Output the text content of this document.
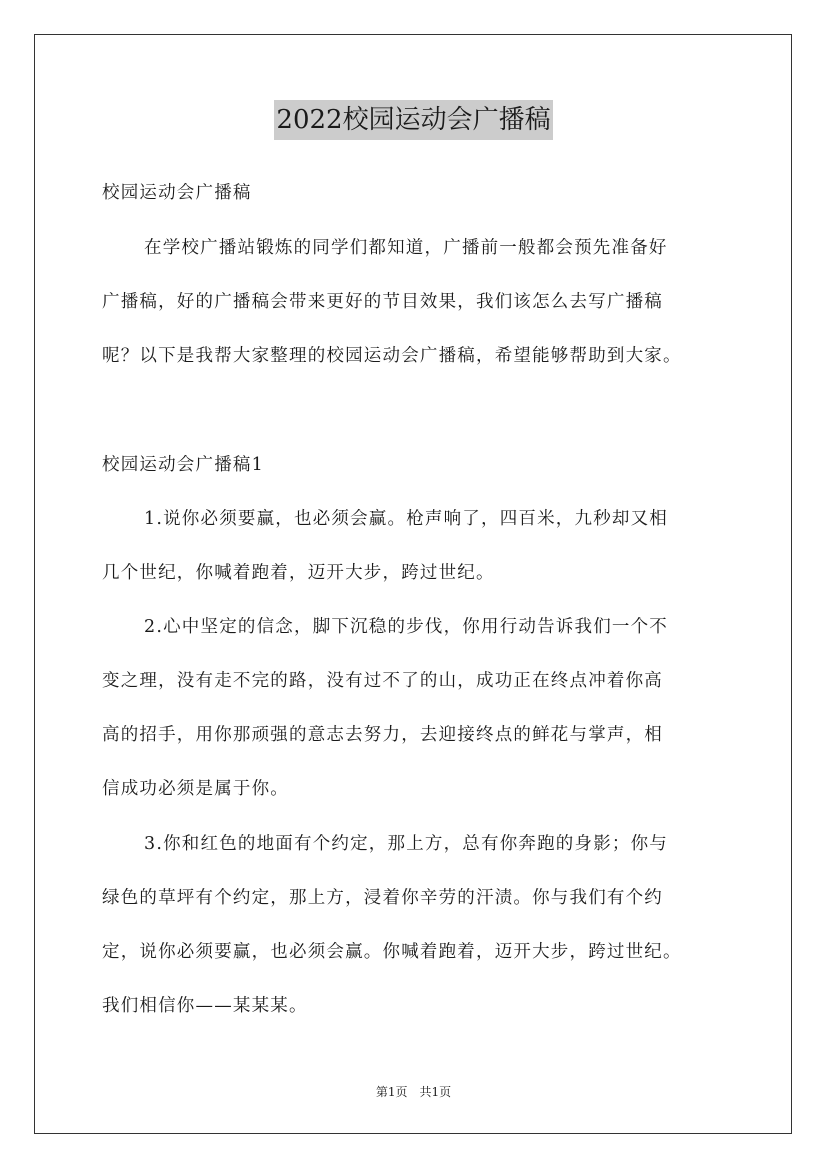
2022校园运动会广播稿
校园运动会广播稿
在学校广播站锻炼的同学们都知道，广播前一般都会预先准备好
广播稿，好的广播稿会带来更好的节目效果，我们该怎么去写广播稿
呢？以下是我帮大家整理的校园运动会广播稿，希望能够帮助到大家。
校园运动会广播稿1
1.说你必须要赢，也必须会赢。枪声响了，四百米，九秒却又相
几个世纪，你喊着跑着，迈开大步，跨过世纪。
2.心中坚定的信念，脚下沉稳的步伐，你用行动告诉我们一个不
变之理，没有走不完的路，没有过不了的山，成功正在终点冲着你高
高的招手，用你那顽强的意志去努力，去迎接终点的鲜花与掌声，相
信成功必须是属于你。
3.你和红色的地面有个约定，那上方，总有你奔跑的身影；你与
绿色的草坪有个约定，那上方，浸着你辛劳的汗渍。你与我们有个约
定，说你必须要赢，也必须会赢。你喊着跑着，迈开大步，跨过世纪。
我们相信你——某某某。
第1页　共1页
